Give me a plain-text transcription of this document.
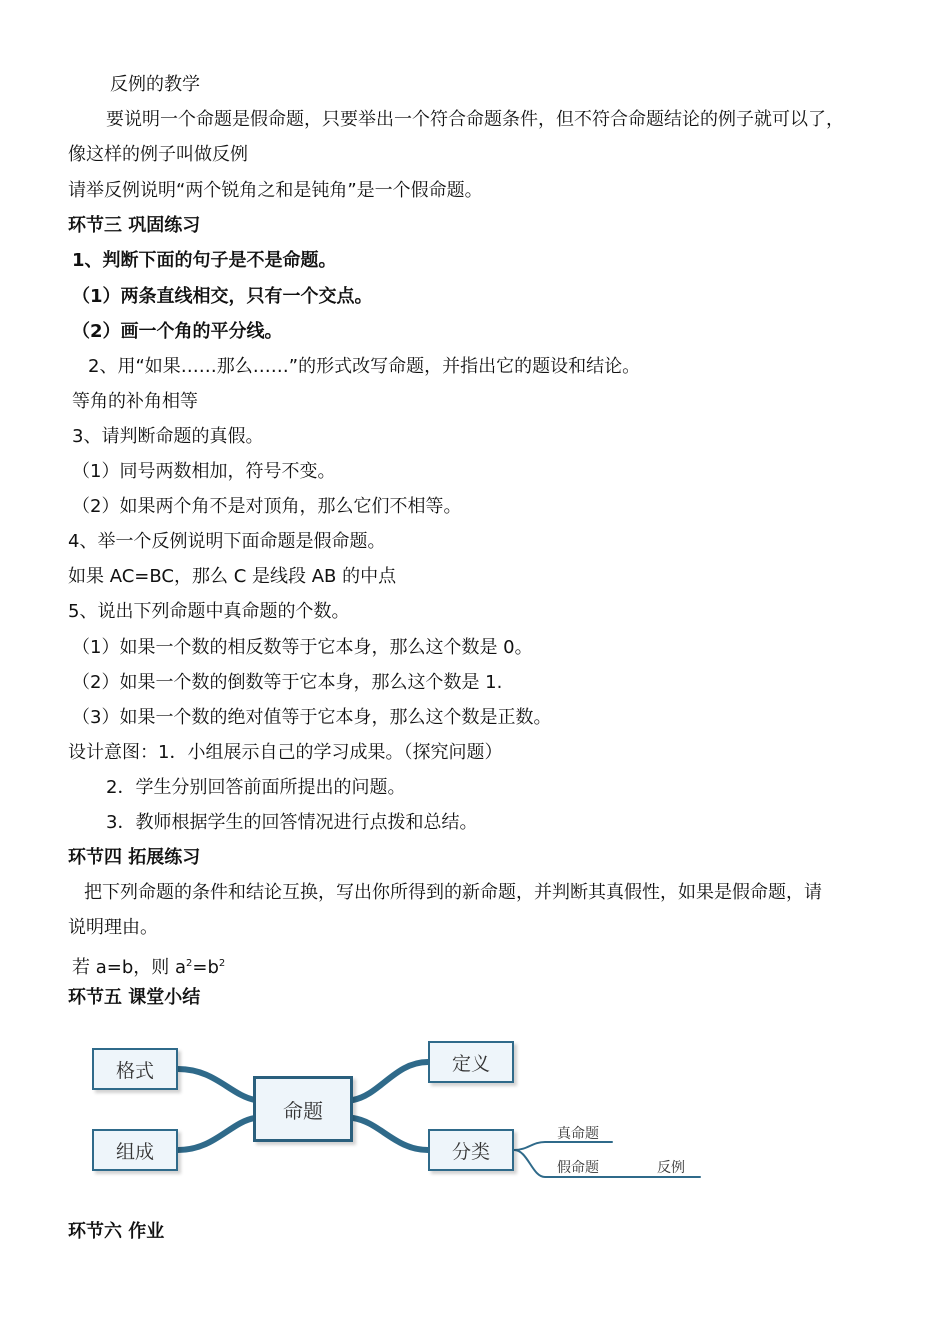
反例的教学
要说明一个命题是假命题，只要举出一个符合命题条件，但不符合命题结论的例子就可以了，
像这样的例子叫做反例
请举反例说明“两个锐角之和是钝角”是一个假命题。
环节三 巩固练习
1、判断下面的句子是不是命题。
（1）两条直线相交，只有一个交点。
（2）画一个角的平分线。
2、用“如果……那么……”的形式改写命题，并指出它的题设和结论。
等角的补角相等
3、请判断命题的真假。
（1）同号两数相加，符号不变。
（2）如果两个角不是对顶角，那么它们不相等。
4、举一个反例说明下面命题是假命题。
如果 AC=BC，那么 C 是线段 AB 的中点
5、说出下列命题中真命题的个数。
（1）如果一个数的相反数等于它本身，那么这个数是 0。
（2）如果一个数的倒数等于它本身，那么这个数是 1.
（3）如果一个数的绝对值等于它本身，那么这个数是正数。
设计意图：1．小组展示自己的学习成果。（探究问题）
2．学生分别回答前面所提出的问题。
3．教师根据学生的回答情况进行点拨和总结。
环节四 拓展练习
把下列命题的条件和结论互换，写出你所得到的新命题，并判断其真假性，如果是假命题，请
说明理由。
若 a=b，则 $a^2=b^2$
环节五 课堂小结
格式
组成
命题
定义
分类
真命题
假命题	反例
环节六 作业
